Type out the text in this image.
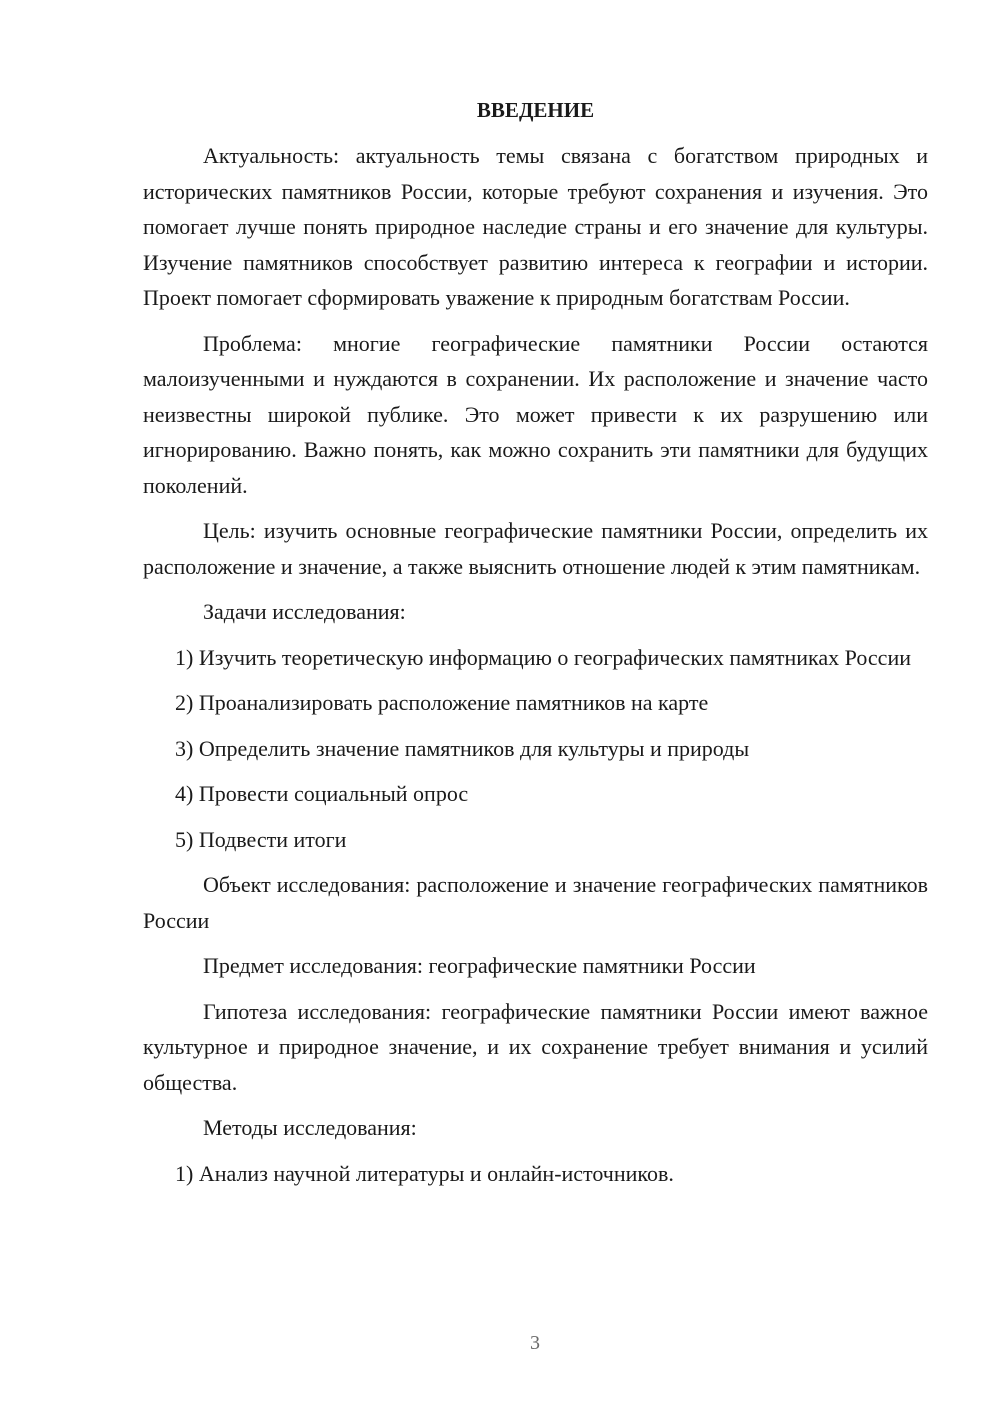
ВВЕДЕНИЕ

Актуальность: актуальность темы связана с богатством природных и исторических памятников России, которые требуют сохранения и изучения. Это помогает лучше понять природное наследие страны и его значение для культуры. Изучение памятников способствует развитию интереса к географии и истории. Проект помогает сформировать уважение к природным богатствам России.

Проблема: многие географические памятники России остаются малоизученными и нуждаются в сохранении. Их расположение и значение часто неизвестны широкой публике. Это может привести к их разрушению или игнорированию. Важно понять, как можно сохранить эти памятники для будущих поколений.

Цель: изучить основные географические памятники России, определить их расположение и значение, а также выяснить отношение людей к этим памятникам.

Задачи исследования:

1) Изучить теоретическую информацию о географических памятниках России

2) Проанализировать расположение памятников на карте

3) Определить значение памятников для культуры и природы

4) Провести социальный опрос

5) Подвести итоги

Объект исследования: расположение и значение географических памятников России

Предмет исследования: географические памятники России

Гипотеза исследования: географические памятники России имеют важное культурное и природное значение, и их сохранение требует внимания и усилий общества.

Методы исследования:

1) Анализ научной литературы и онлайн-источников.

3
